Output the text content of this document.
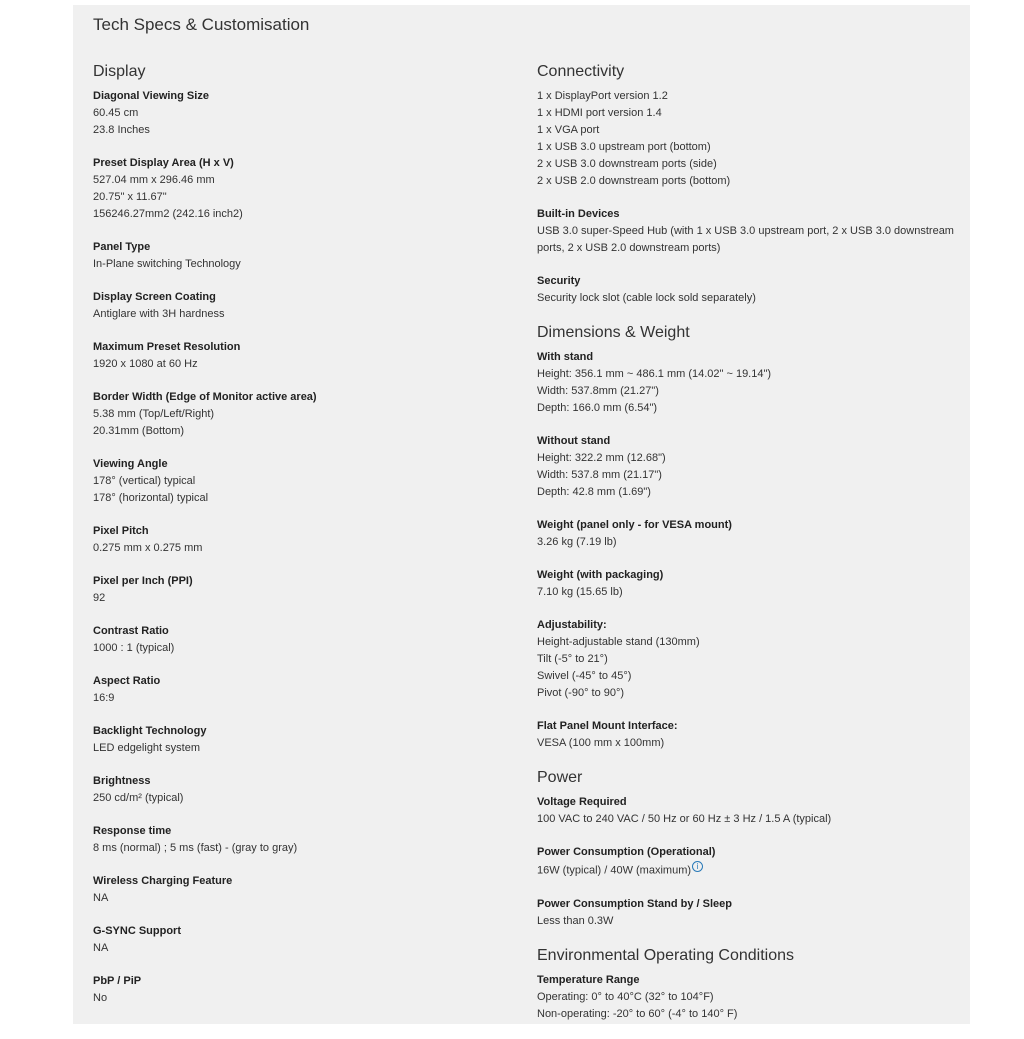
Tech Specs & Customisation
Display
Diagonal Viewing Size
60.45 cm
23.8 Inches
Preset Display Area (H x V)
527.04 mm x 296.46 mm
20.75" x 11.67"
156246.27mm2 (242.16 inch2)
Panel Type
In-Plane switching Technology
Display Screen Coating
Antiglare with 3H hardness
Maximum Preset Resolution
1920 x 1080 at 60 Hz
Border Width (Edge of Monitor active area)
5.38 mm (Top/Left/Right)
20.31mm (Bottom)
Viewing Angle
178° (vertical) typical
178° (horizontal) typical
Pixel Pitch
0.275 mm x 0.275 mm
Pixel per Inch (PPI)
92
Contrast Ratio
1000 : 1 (typical)
Aspect Ratio
16:9
Backlight Technology
LED edgelight system
Brightness
250 cd/m² (typical)
Response time
8 ms (normal) ; 5 ms (fast) - (gray to gray)
Wireless Charging Feature
NA
G-SYNC Support
NA
PbP / PiP
No
Connectivity
1 x DisplayPort version 1.2
1 x HDMI port version 1.4
1 x VGA port
1 x USB 3.0 upstream port (bottom)
2 x USB 3.0 downstream ports (side)
2 x USB 2.0 downstream ports (bottom)
Built-in Devices
USB 3.0 super-Speed Hub (with 1 x USB 3.0 upstream port, 2 x USB 3.0 downstream ports, 2 x USB 2.0 downstream ports)
Security
Security lock slot (cable lock sold separately)
Dimensions & Weight
With stand
Height: 356.1 mm ~ 486.1 mm (14.02" ~ 19.14")
Width: 537.8mm (21.27")
Depth: 166.0 mm (6.54")
Without stand
Height: 322.2 mm (12.68")
Width: 537.8 mm (21.17")
Depth: 42.8 mm (1.69")
Weight (panel only - for VESA mount)
3.26 kg (7.19 lb)
Weight (with packaging)
7.10 kg (15.65 lb)
Adjustability:
Height-adjustable stand (130mm)
Tilt (-5° to 21°)
Swivel (-45° to 45°)
Pivot (-90° to 90°)
Flat Panel Mount Interface:
VESA (100 mm x 100mm)
Power
Voltage Required
100 VAC to 240 VAC / 50 Hz or 60 Hz ± 3 Hz / 1.5 A (typical)
Power Consumption (Operational)
16W (typical) / 40W (maximum) i
Power Consumption Stand by / Sleep
Less than 0.3W
Environmental Operating Conditions
Temperature Range
Operating: 0° to 40°C (32° to 104°F)
Non-operating: -20° to 60° (-4° to 140° F)
